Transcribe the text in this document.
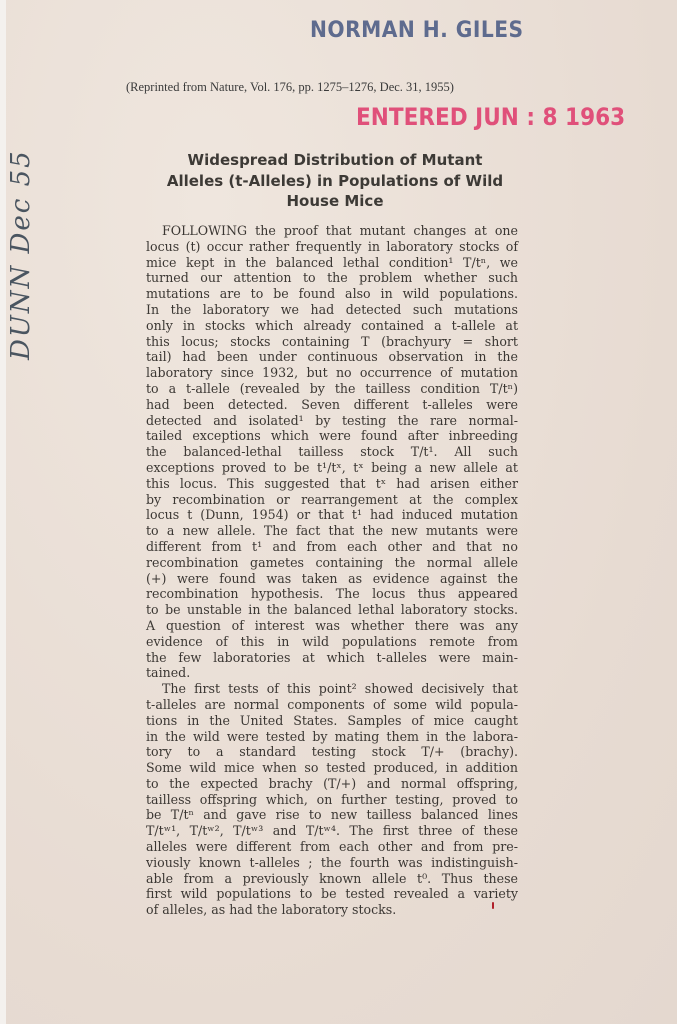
NORMAN H. GILES
(Reprinted from Nature, Vol. 176, pp. 1275–1276, Dec. 31, 1955)
ENTERED JUN : 8 1963
DUNN Dec 55	Widespread Distribution of Mutant
Alleles (t-Alleles) in Populations of Wild
House Mice
FOLLOWING the proof that mutant changes at one
locus (t) occur rather frequently in laboratory stocks of
mice kept in the balanced lethal condition¹ T/tⁿ, we
turned our attention to the problem whether such
mutations are to be found also in wild populations.
In the laboratory we had detected such mutations
only in stocks which already contained a t-allele at
this locus; stocks containing T (brachyury = short
tail) had been under continuous observation in the
laboratory since 1932, but no occurrence of mutation
to a t-allele (revealed by the tailless condition T/tⁿ)
had been detected. Seven different t-alleles were
detected and isolated¹ by testing the rare normal-
tailed exceptions which were found after inbreeding
the balanced-lethal tailless stock T/t¹. All such
exceptions proved to be t¹/tˣ, tˣ being a new allele at
this locus. This suggested that tˣ had arisen either
by recombination or rearrangement at the complex
locus t (Dunn, 1954) or that t¹ had induced mutation
to a new allele. The fact that the new mutants were
different from t¹ and from each other and that no
recombination gametes containing the normal allele
(+) were found was taken as evidence against the
recombination hypothesis. The locus thus appeared
to be unstable in the balanced lethal laboratory stocks.
A question of interest was whether there was any
evidence of this in wild populations remote from
the few laboratories at which t-alleles were main-
tained.
The first tests of this point² showed decisively that
t-alleles are normal components of some wild popula-
tions in the United States. Samples of mice caught
in the wild were tested by mating them in the labora-
tory to a standard testing stock T/+ (brachy).
Some wild mice when so tested produced, in addition
to the expected brachy (T/+) and normal offspring,
tailless offspring which, on further testing, proved to
be T/tⁿ and gave rise to new tailless balanced lines
T/tʷ¹, T/tʷ², T/tʷ³ and T/tʷ⁴. The first three of these
alleles were different from each other and from pre-
viously known t-alleles ; the fourth was indistinguish-
able from a previously known allele t⁰. Thus these
first wild populations to be tested revealed a variety
of alleles, as had the laboratory stocks.
